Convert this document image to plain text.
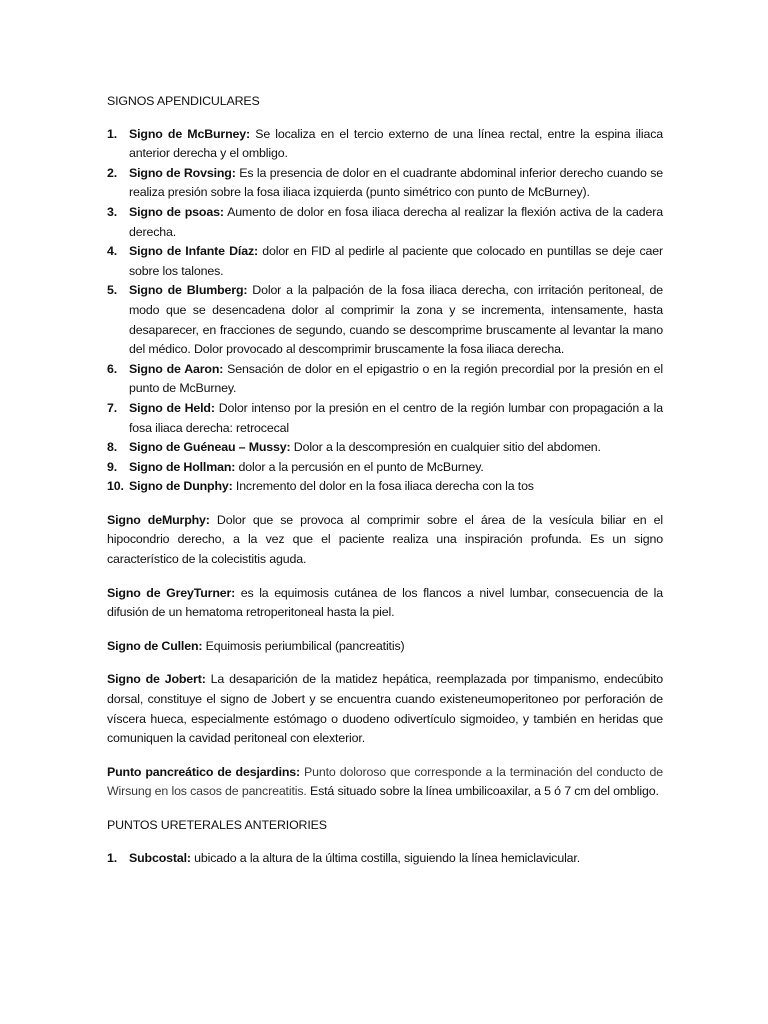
SIGNOS APENDICULARES
1. Signo de McBurney: Se localiza en el tercio externo de una línea rectal, entre la espina iliaca anterior derecha y el ombligo.
2. Signo de Rovsing: Es la presencia de dolor en el cuadrante abdominal inferior derecho cuando se realiza presión sobre la fosa iliaca izquierda (punto simétrico con punto de McBurney).
3. Signo de psoas: Aumento de dolor en fosa iliaca derecha al realizar la flexión activa de la cadera derecha.
4. Signo de Infante Díaz: dolor en FID al pedirle al paciente que colocado en puntillas se deje caer sobre los talones.
5. Signo de Blumberg: Dolor a la palpación de la fosa iliaca derecha, con irritación peritoneal, de modo que se desencadena dolor al comprimir la zona y se incrementa, intensamente, hasta desaparecer, en fracciones de segundo, cuando se descomprime bruscamente al levantar la mano del médico. Dolor provocado al descomprimir bruscamente la fosa iliaca derecha.
6. Signo de Aaron: Sensación de dolor en el epigastrio o en la región precordial por la presión en el punto de McBurney.
7. Signo de Held: Dolor intenso por la presión en el centro de la región lumbar con propagación a la fosa iliaca derecha: retrocecal
8. Signo de Guéneau – Mussy: Dolor a la descompresión en cualquier sitio del abdomen.
9. Signo de Hollman: dolor a la percusión en el punto de McBurney.
10. Signo de Dunphy: Incremento del dolor en la fosa iliaca derecha con la tos

Signo deMurphy: Dolor que se provoca al comprimir sobre el área de la vesícula biliar en el hipocondrio derecho, a la vez que el paciente realiza una inspiración profunda. Es un signo característico de la colecistitis aguda.

Signo de GreyTurner: es la equimosis cutánea de los flancos a nivel lumbar, consecuencia de la difusión de un hematoma retroperitoneal hasta la piel.

Signo de Cullen: Equimosis periumbilical (pancreatitis)

Signo de Jobert: La desaparición de la matidez hepática, reemplazada por timpanismo, endecúbito dorsal, constituye el signo de Jobert y se encuentra cuando existeneumoperitoneo por perforación de víscera hueca, especialmente estómago o duodeno odivertículo sigmoideo, y también en heridas que comuniquen la cavidad peritoneal con elexterior.

Punto pancreático de desjardins: Punto doloroso que corresponde a la terminación del conducto de Wirsung en los casos de pancreatitis. Está situado sobre la línea umbilicoaxilar, a 5 ó 7 cm del ombligo.

PUNTOS URETERALES ANTERIORIES
1. Subcostal: ubicado a la altura de la última costilla, siguiendo la línea hemiclavicular.
